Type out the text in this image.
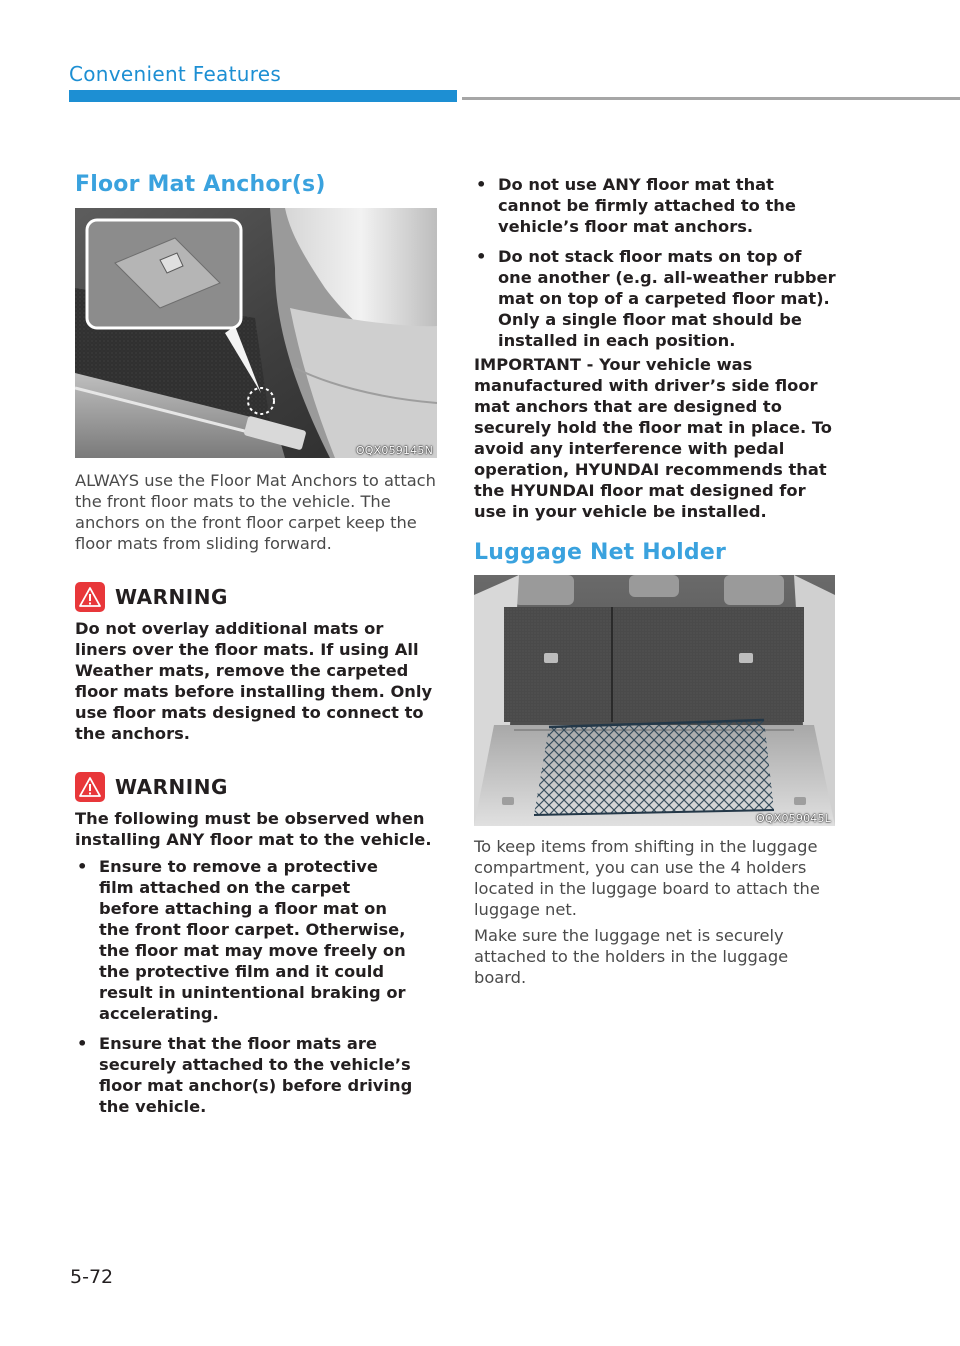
Convenient Features
Floor Mat Anchor(s)
OQX059145N

ALWAYS use the Floor Mat Anchors to attach the front floor mats to the vehicle. The anchors on the front floor carpet keep the floor mats from sliding forward.

WARNING

Do not overlay additional mats or liners over the floor mats. If using All Weather mats, remove the carpeted floor mats before installing them. Only use floor mats designed to connect to the anchors.

WARNING

The following must be observed when installing ANY floor mat to the vehicle.

• Ensure to remove a protective film attached on the carpet before attaching a floor mat on the front floor carpet. Otherwise, the floor mat may move freely on the protective film and it could result in unintentional braking or accelerating.
• Ensure that the floor mats are securely attached to the vehicle’s floor mat anchor(s) before driving the vehicle.
• Do not use ANY floor mat that cannot be firmly attached to the vehicle’s floor mat anchors.
• Do not stack floor mats on top of one another (e.g. all-weather rubber mat on top of a carpeted floor mat). Only a single floor mat should be installed in each position.

IMPORTANT - Your vehicle was manufactured with driver’s side floor mat anchors that are designed to securely hold the floor mat in place. To avoid any interference with pedal operation, HYUNDAI recommends that the HYUNDAI floor mat designed for use in your vehicle be installed.

Luggage Net Holder
OQX059045L

To keep items from shifting in the luggage compartment, you can use the 4 holders located in the luggage board to attach the luggage net.

Make sure the luggage net is securely attached to the holders in the luggage board.

5-72
